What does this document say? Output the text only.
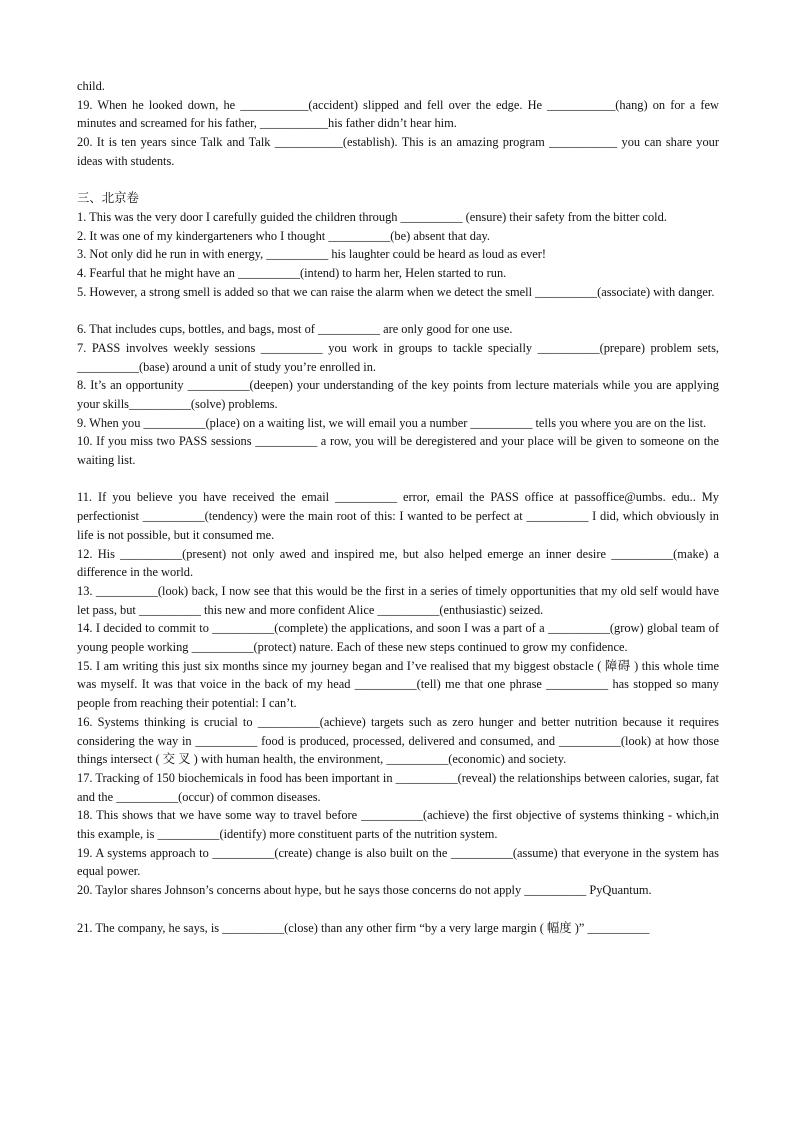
child.

19. When he looked down, he ___________(accident) slipped and fell over the edge. He ___________(hang) on for a few minutes and screamed for his father, ___________his father didn’t hear him.

20. It is ten years since Talk and Talk ___________(establish). This is an amazing program ___________ you can share your ideas with students.

三、北京卷

1. This was the very door I carefully guided the children through __________ (ensure) their safety from the bitter cold.

2. It was one of my kindergarteners who I thought __________(be) absent that day.

3. Not only did he run in with energy, __________ his laughter could be heard as loud as ever!

4. Fearful that he might have an __________(intend) to harm her, Helen started to run.

5. However, a strong smell is added so that we can raise the alarm when we detect the smell __________(associate) with danger.

6. That includes cups, bottles, and bags, most of __________ are only good for one use.

7. PASS involves weekly sessions __________ you work in groups to tackle specially __________(prepare) problem sets, __________(base) around a unit of study you’re enrolled in.

8. It’s an opportunity __________(deepen) your understanding of the key points from lecture materials while you are applying your skills__________(solve) problems.

9. When you __________(place) on a waiting list, we will email you a number __________ tells you where you are on the list.

10. If you miss two PASS sessions __________ a row, you will be deregistered and your place will be given to someone on the waiting list.

11. If you believe you have received the email __________ error, email the PASS office at passoffice@umbs. edu.. My perfectionist __________(tendency) were the main root of this: I wanted to be perfect at __________ I did, which obviously in life is not possible, but it consumed me.

12. His __________(present) not only awed and inspired me, but also helped emerge an inner desire __________(make) a difference in the world.

13. __________(look) back, I now see that this would be the first in a series of timely opportunities that my old self would have let pass, but __________ this new and more confident Alice __________(enthusiastic) seized.

14. I decided to commit to __________(complete) the applications, and soon I was a part of a __________(grow) global team of young people working __________(protect) nature. Each of these new steps continued to grow my confidence.

15. I am writing this just six months since my journey began and I’ve realised that my biggest obstacle ( 障碍 ) this whole time was myself. It was that voice in the back of my head __________(tell) me that one phrase __________ has stopped so many people from reaching their potential: I can’t.

16. Systems thinking is crucial to __________(achieve) targets such as zero hunger and better nutrition because it requires considering the way in __________ food is produced, processed, delivered and consumed, and __________(look) at how those things intersect ( 交 叉 ) with human health, the environment, __________(economic) and society.

17. Tracking of 150 biochemicals in food has been important in __________(reveal) the relationships between calories, sugar, fat and the __________(occur) of common diseases.

18. This shows that we have some way to travel before __________(achieve) the first objective of systems thinking - which,in this example, is __________(identify) more constituent parts of the nutrition system.

19. A systems approach to __________(create) change is also built on the __________(assume) that everyone in the system has equal power.

20. Taylor shares Johnson’s concerns about hype, but he says those concerns do not apply __________ PyQuantum.

21. The company, he says, is __________(close) than any other firm “by a very large margin ( 幅度 )” __________
